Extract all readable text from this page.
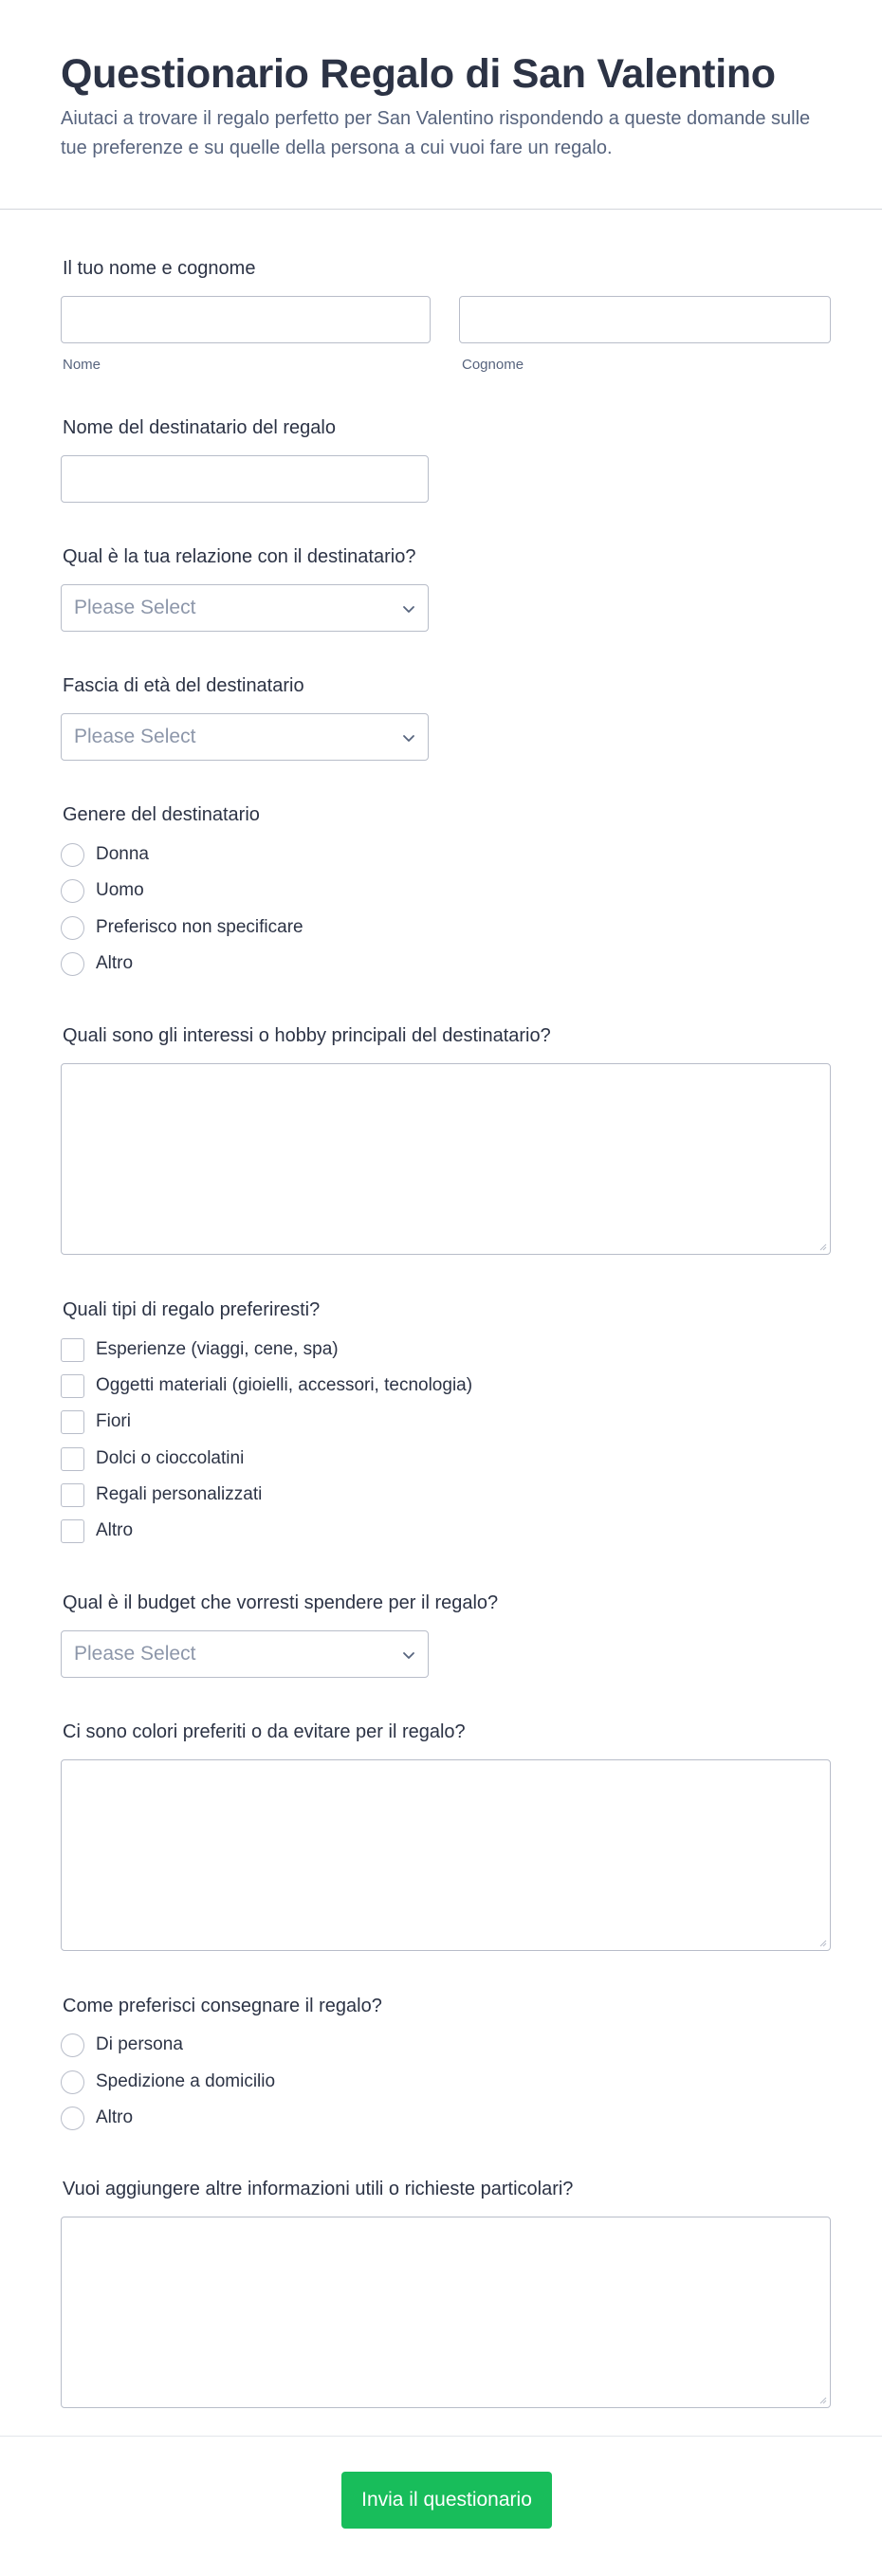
Questionario Regalo di San Valentino

Aiutaci a trovare il regalo perfetto per San Valentino rispondendo a queste domande sulle tue preferenze e su quelle della persona a cui vuoi fare un regalo.

Il tuo nome e cognome
Nome	Cognome
Nome del destinatario del regalo
Qual è la tua relazione con il destinatario?
Please Select
Fascia di età del destinatario
Please Select
Genere del destinatario
Donna
Uomo
Preferisco non specificare
Altro
Quali sono gli interessi o hobby principali del destinatario?
Quali tipi di regalo preferiresti?
Esperienze (viaggi, cene, spa)
Oggetti materiali (gioielli, accessori, tecnologia)
Fiori
Dolci o cioccolatini
Regali personalizzati
Altro
Qual è il budget che vorresti spendere per il regalo?
Please Select
Ci sono colori preferiti o da evitare per il regalo?
Come preferisci consegnare il regalo?
Di persona
Spedizione a domicilio
Altro
Vuoi aggiungere altre informazioni utili o richieste particolari?
Invia il questionario
